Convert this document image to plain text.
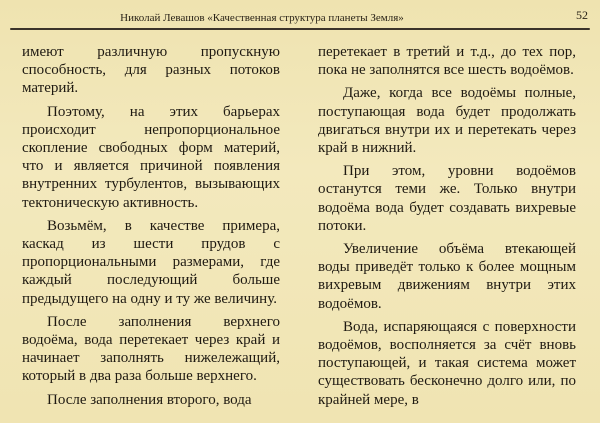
Николай Левашов «Качественная структура планеты Земля»	52

имеют различную пропускную способность, для разных потоков материй.

Поэтому, на этих барьерах происходит непропорциональное скопление свободных форм материй, что и является причиной появления внутренних турбулентов, вызывающих тектоническую активность.

Возьмём, в качестве примера, каскад из шести прудов с пропорциональными размерами, где каждый последующий больше предыдущего на одну и ту же величину.

После заполнения верхнего водоёма, вода перетекает через край и начинает заполнять нижележащий, который в два раза больше верхнего.

После заполнения второго, вода

перетекает в третий и т.д., до тех пор, пока не заполнятся все шесть водоёмов.

Даже, когда все водоёмы полные, поступающая вода будет продолжать двигаться внутри их и перетекать через край в нижний.

При этом, уровни водоёмов останутся теми же. Только внутри водоёма вода будет создавать вихревые потоки.

Увеличение объёма втекающей воды приведёт только к более мощным вихревым движениям внутри этих водоёмов.

Вода, испаряющаяся с поверхности водоёмов, восполняется за счёт вновь поступающей, и такая система может существовать бесконечно долго или, по крайней мере, в
